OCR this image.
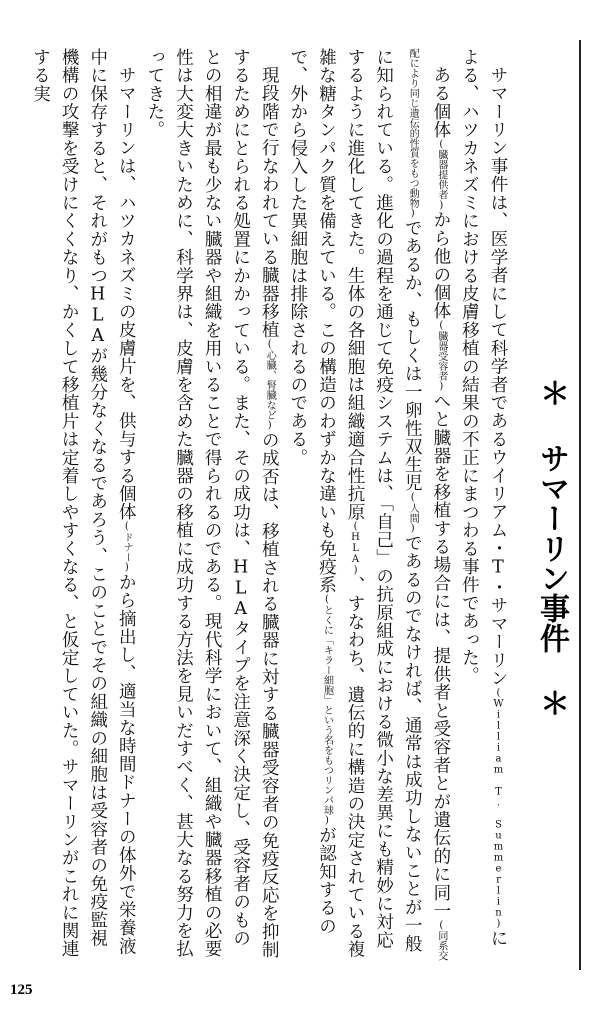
＊ サマーリン事件 ＊

サマーリン事件は、医学者にして科学者であるウイリアム・T・サマーリン(William T. Summerlin)による、ハツカネズミにおける皮膚移植の結果の不正にまつわる事件であった。

ある個体(臓器提供者)から他の個体(臓器受容者)へと臓器を移植する場合には、提供者と受容者とが遺伝的に同一(同系交配により同じ遺伝的性質をもつ動物)であるか、もしくは一卵性双生児(人間)であるのでなければ、通常は成功しないことが一般に知られている。進化の過程を通じて免疫システムは、「自己」の抗原組成における微小な差異にも精妙に対応するように進化してきた。生体の各細胞は組織適合性抗原(HLA)、すなわち、遺伝的に構造の決定されている複雑な糖タンパク質を備えている。この構造のわずかな違いも免疫系(とくに「キラー細胞」という名をもつリンパ球)が認知するので、外から侵入した異細胞は排除されるのである。

現段階で行なわれている臓器移植(心臓、腎臓など)の成否は、移植される臓器に対する臓器受容者の免疫反応を抑制するためにとられる処置にかかっている。また、その成功は、HLAタイプを注意深く決定し、受容者のものとの相違が最も少ない臓器や組織を用いることで得られるのである。現代科学において、組織や臓器移植の必要性は大変大きいために、科学界は、皮膚を含めた臓器の移植に成功する方法を見いだすべく、甚大なる努力を払ってきた。

サマーリンは、ハツカネズミの皮膚片を、供与する個体(ドナー)から摘出し、適当な時間ドナーの体外で栄養液中に保存すると、それがもつHLAが幾分なくなるであろう、このことでその組織の細胞は受容者の免疫監視機構の攻撃を受けにくくなり、かくして移植片は定着しやすくなる、と仮定していた。サマーリンがこれに関連する実

125
